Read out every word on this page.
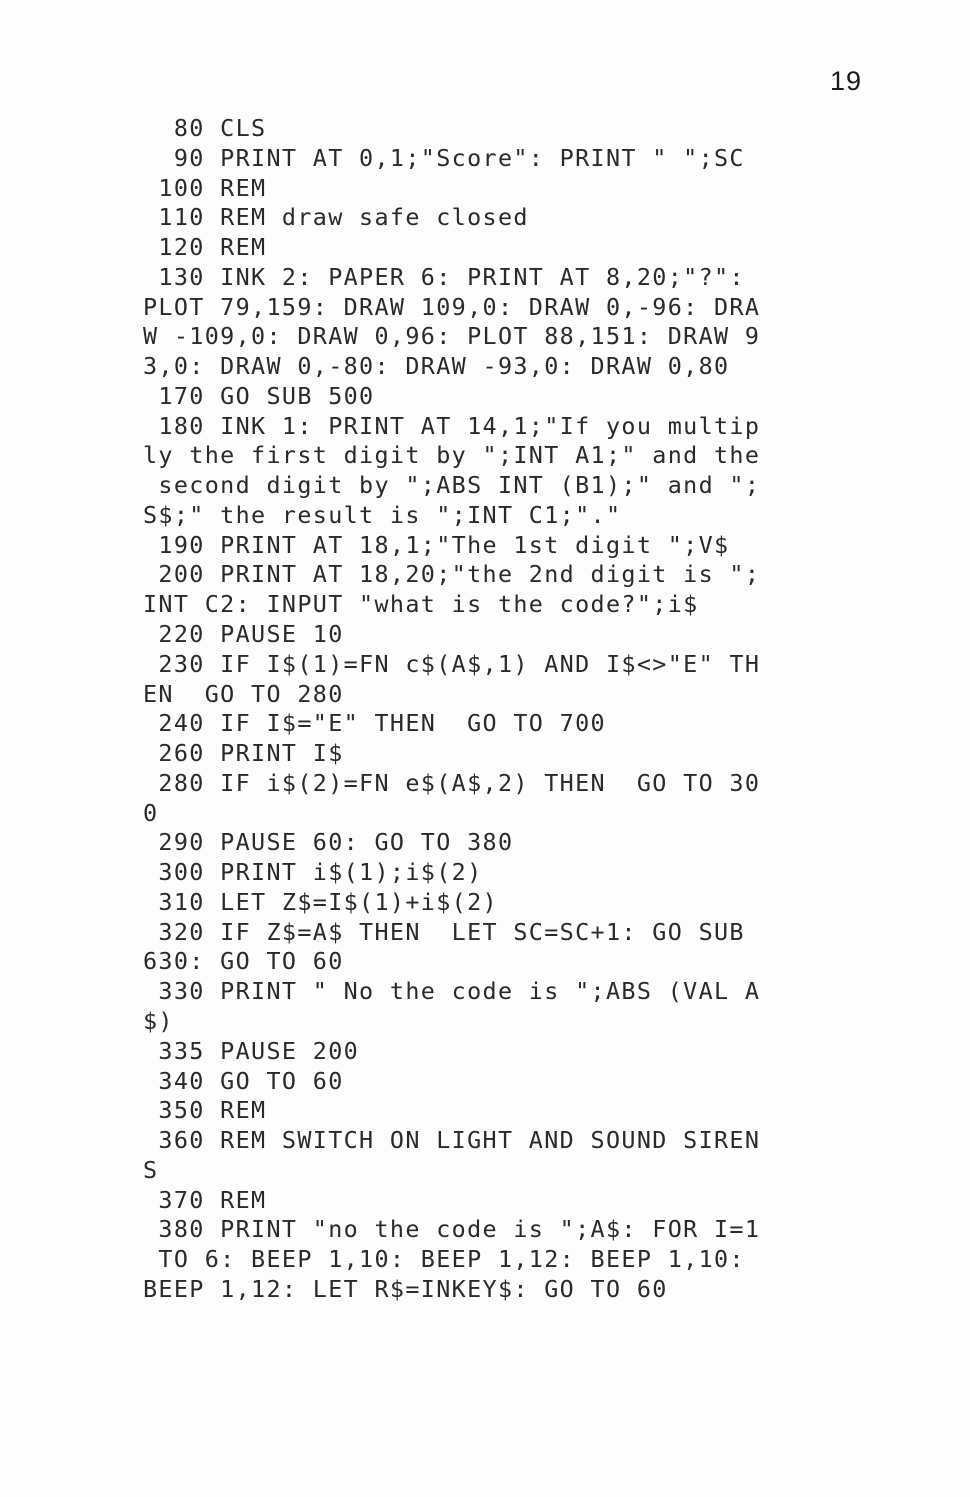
19
80 CLS
90 PRINT AT 0,1;"Score": PRINT " ";SC
100 REM
110 REM draw safe closed
120 REM
130 INK 2: PAPER 6: PRINT AT 8,20;"?":
PLOT 79,159: DRAW 109,0: DRAW 0,-96: DRA
W -109,0: DRAW 0,96: PLOT 88,151: DRAW 9
3,0: DRAW 0,-80: DRAW -93,0: DRAW 0,80
170 GO SUB 500
180 INK 1: PRINT AT 14,1;"If you multip
ly the first digit by ";INT A1;" and the
second digit by ";ABS INT (B1);" and ";
S$;" the result is ";INT C1;"."
190 PRINT AT 18,1;"The 1st digit ";V$
200 PRINT AT 18,20;"the 2nd digit is ";
INT C2: INPUT "what is the code?";i$
220 PAUSE 10
230 IF I$(1)=FN c$(A$,1) AND I$<>"E" TH
EN  GO TO 280
240 IF I$="E" THEN  GO TO 700
260 PRINT I$
280 IF i$(2)=FN e$(A$,2) THEN  GO TO 30
0
290 PAUSE 60: GO TO 380
300 PRINT i$(1);i$(2)
310 LET Z$=I$(1)+i$(2)
320 IF Z$=A$ THEN  LET SC=SC+1: GO SUB
630: GO TO 60
330 PRINT " No the code is ";ABS (VAL A
$)
335 PAUSE 200
340 GO TO 60
350 REM
360 REM SWITCH ON LIGHT AND SOUND SIREN
S
370 REM
380 PRINT "no the code is ";A$: FOR I=1
TO 6: BEEP 1,10: BEEP 1,12: BEEP 1,10:
BEEP 1,12: LET R$=INKEY$: GO TO 60
